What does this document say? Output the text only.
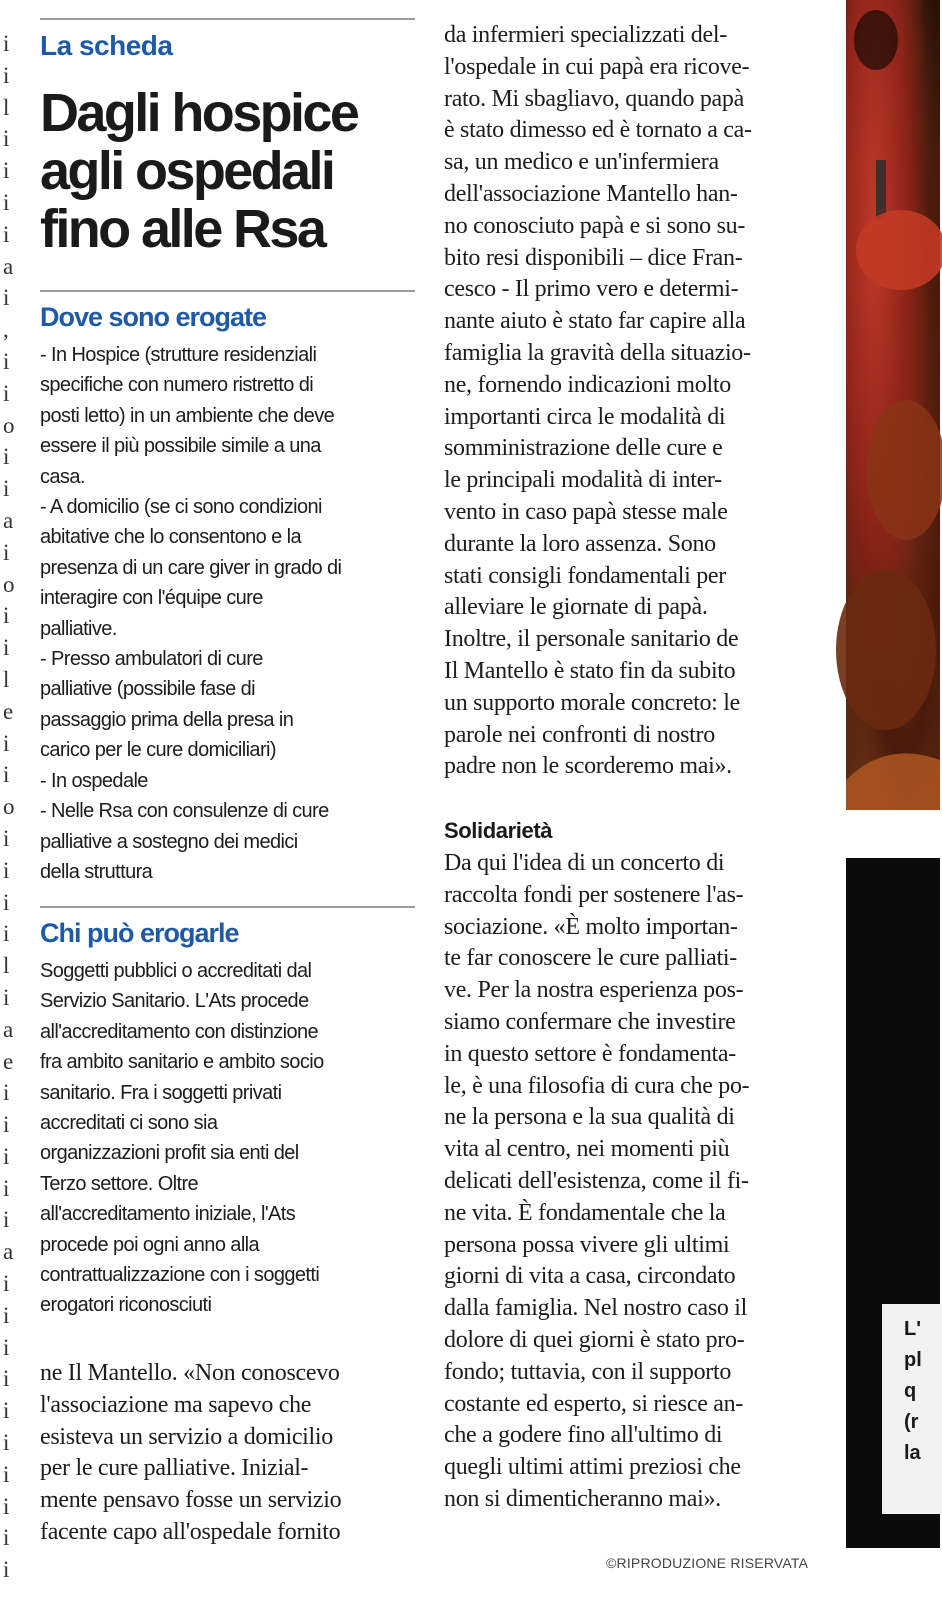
i
i
l
i
i
i
i
a
i
,
i
i
o
i
i
a
i
o
i
i
l
e
i
i
o
i
i
i
i
l
i
a
e
i
i
i
i
i
a
i
i
i
i
i
i
i
i
i
i
La scheda
Dagli hospice
agli ospedali
fino alle Rsa
Dove sono erogate

- In Hospice (strutture residenziali

specifiche con numero ristretto di

posti letto) in un ambiente che deve

essere il più possibile simile a una

casa.

- A domicilio (se ci sono condizioni

abitative che lo consentono e la

presenza di un care giver in grado di

interagire con l'équipe cure

palliative.

- Presso ambulatori di cure

palliative (possibile fase di

passaggio prima della presa in

carico per le cure domiciliari)

- In ospedale

- Nelle Rsa con consulenze di cure

palliative a sostegno dei medici

della struttura

Chi può erogarle

Soggetti pubblici o accreditati dal

Servizio Sanitario. L'Ats procede

all'accreditamento con distinzione

fra ambito sanitario e ambito socio

sanitario. Fra i soggetti privati

accreditati ci sono sia

organizzazioni profit sia enti del

Terzo settore. Oltre

all'accreditamento iniziale, l'Ats

procede poi ogni anno alla

contrattualizzazione con i soggetti

erogatori riconosciuti

ne Il Mantello. «Non conoscevo

l'associazione ma sapevo che

esisteva un servizio a domicilio

per le cure palliative. Inizial-

mente pensavo fosse un servizio

facente capo all'ospedale fornito

da infermieri specializzati del-

l'ospedale in cui papà era ricove-

rato. Mi sbagliavo, quando papà

è stato dimesso ed è tornato a ca-

sa, un medico e un'infermiera

dell'associazione Mantello han-

no conosciuto papà e si sono su-

bito resi disponibili – dice Fran-

cesco - Il primo vero e determi-

nante aiuto è stato far capire alla

famiglia la gravità della situazio-

ne, fornendo indicazioni molto

importanti circa le modalità di

somministrazione delle cure e

le principali modalità di inter-

vento in caso papà stesse male

durante la loro assenza. Sono

stati consigli fondamentali per

alleviare le giornate di papà.

Inoltre, il personale sanitario de

Il Mantello è stato fin da subito

un supporto morale concreto: le

parole nei confronti di nostro

padre non le scorderemo mai».

Solidarietà

Da qui l'idea di un concerto di

raccolta fondi per sostenere l'as-

sociazione. «È molto importan-

te far conoscere le cure palliati-

ve. Per la nostra esperienza pos-

siamo confermare che investire

in questo settore è fondamenta-

le, è una filosofia di cura che po-

ne la persona e la sua qualità di

vita al centro, nei momenti più

delicati dell'esistenza, come il fi-

ne vita. È fondamentale che la

persona possa vivere gli ultimi

giorni di vita a casa, circondato

dalla famiglia. Nel nostro caso il

dolore di quei giorni è stato pro-

fondo; tuttavia, con il supporto

costante ed esperto, si riesce an-

che a godere fino all'ultimo di

quegli ultimi attimi preziosi che

non si dimenticheranno mai».

©RIPRODUZIONE RISERVATA
L'
pl
q
(r
la
